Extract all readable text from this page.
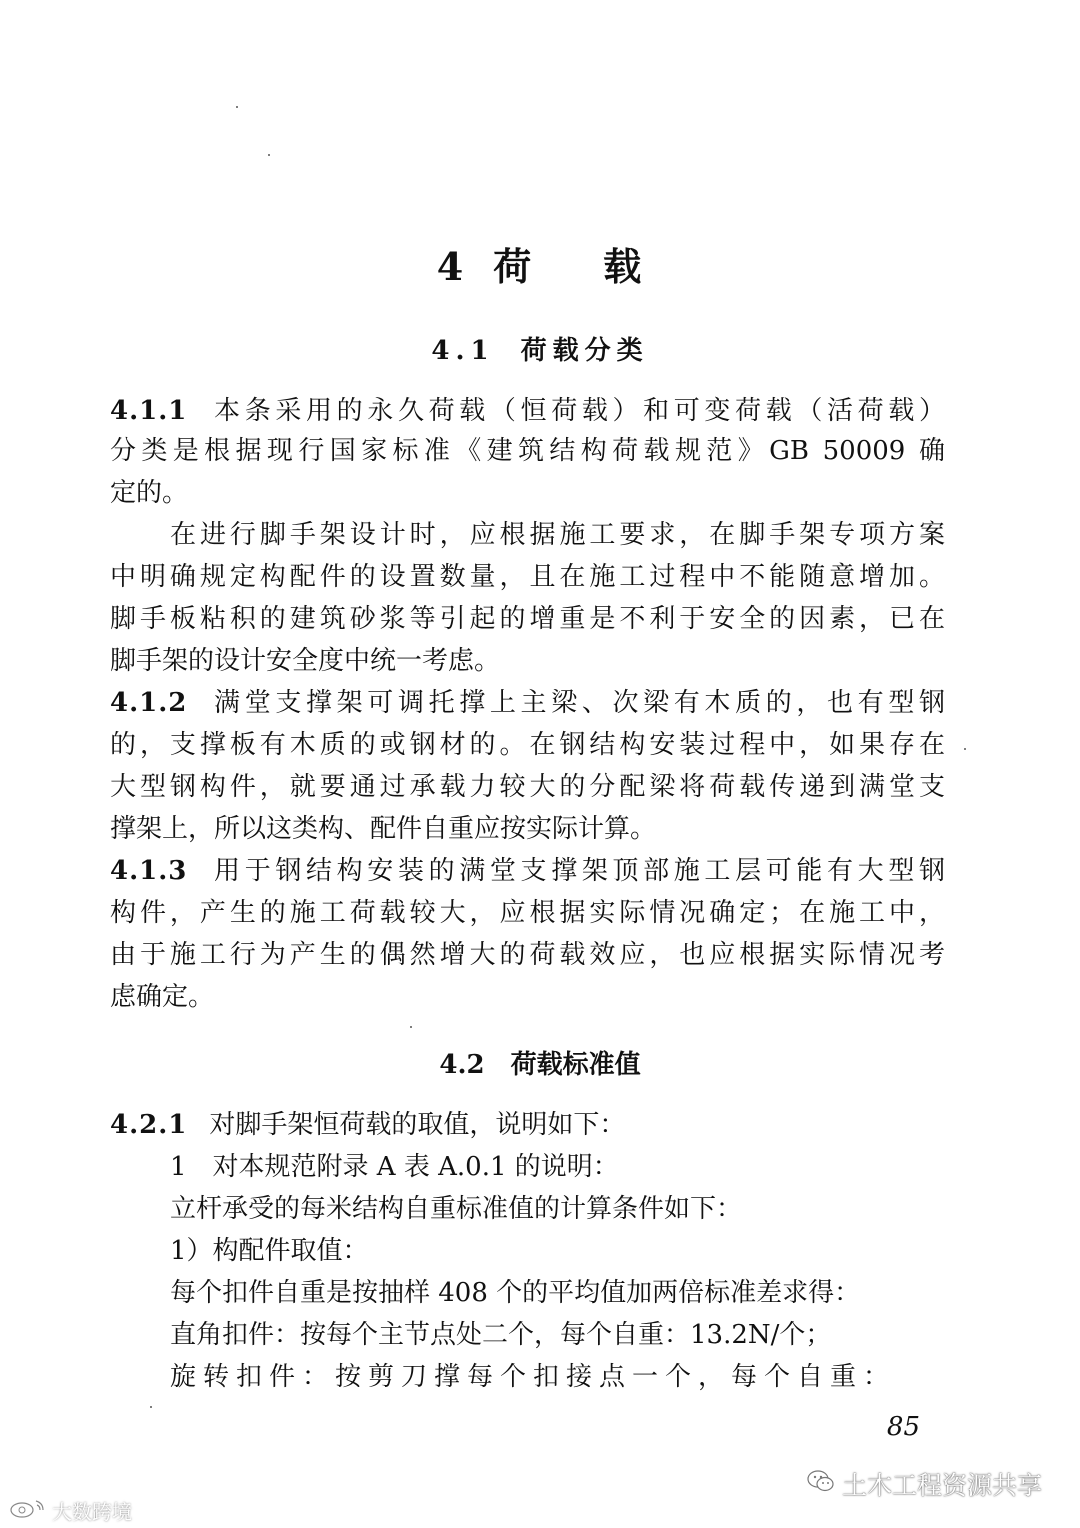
4 荷 载
4.1 荷载分类
4.1.1 本条采用的永久荷载（恒荷载）和可变荷载（活荷载）
分类是根据现行国家标准《建筑结构荷载规范》GB 50009 确
定的。
在进行脚手架设计时，应根据施工要求，在脚手架专项方案
中明确规定构配件的设置数量，且在施工过程中不能随意增加。
脚手板粘积的建筑砂浆等引起的增重是不利于安全的因素，已在
脚手架的设计安全度中统一考虑。
4.1.2 满堂支撑架可调托撑上主梁、次梁有木质的，也有型钢
的，支撑板有木质的或钢材的。在钢结构安装过程中，如果存在
大型钢构件，就要通过承载力较大的分配梁将荷载传递到满堂支
撑架上，所以这类构、配件自重应按实际计算。
4.1.3 用于钢结构安装的满堂支撑架顶部施工层可能有大型钢
构件，产生的施工荷载较大，应根据实际情况确定；在施工中，
由于施工行为产生的偶然增大的荷载效应，也应根据实际情况考
虑确定。
4.2 荷载标准值
4.2.1 对脚手架恒荷载的取值，说明如下：
1　对本规范附录 A 表 A.0.1 的说明：
立杆承受的每米结构自重标准值的计算条件如下：
1）构配件取值：
每个扣件自重是按抽样 408 个的平均值加两倍标准差求得：
直角扣件：按每个主节点处二个，每个自重：13.2N/个；
旋转扣件：按剪刀撑每个扣接点一个，每个自重：
85
土木工程资源共享
大数跨境
